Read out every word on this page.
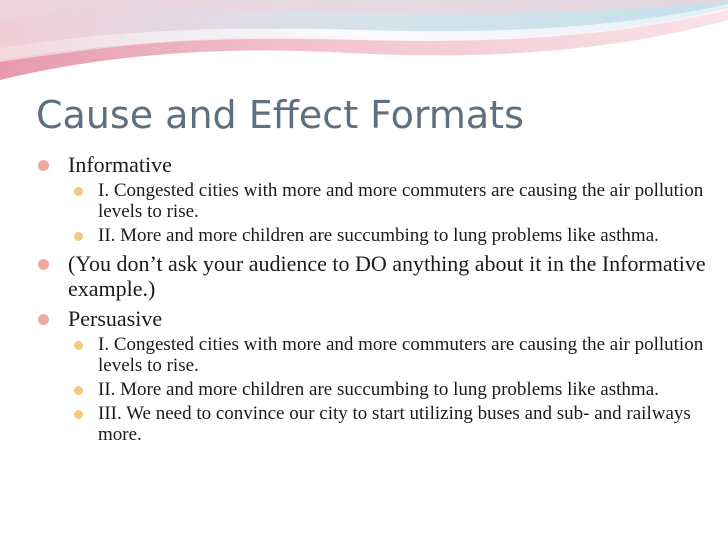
Cause and Effect Formats
Informative
I. Congested cities with more and more commuters are causing the air pollution levels to rise.
II. More and more children are succumbing to lung problems like asthma.
(You don’t ask your audience to DO anything about it in the Informative example.)
Persuasive
I. Congested cities with more and more commuters are causing the air pollution levels to rise.
II. More and more children are succumbing to lung problems like asthma.
III. We need to convince our city to start utilizing buses and sub- and railways more.
